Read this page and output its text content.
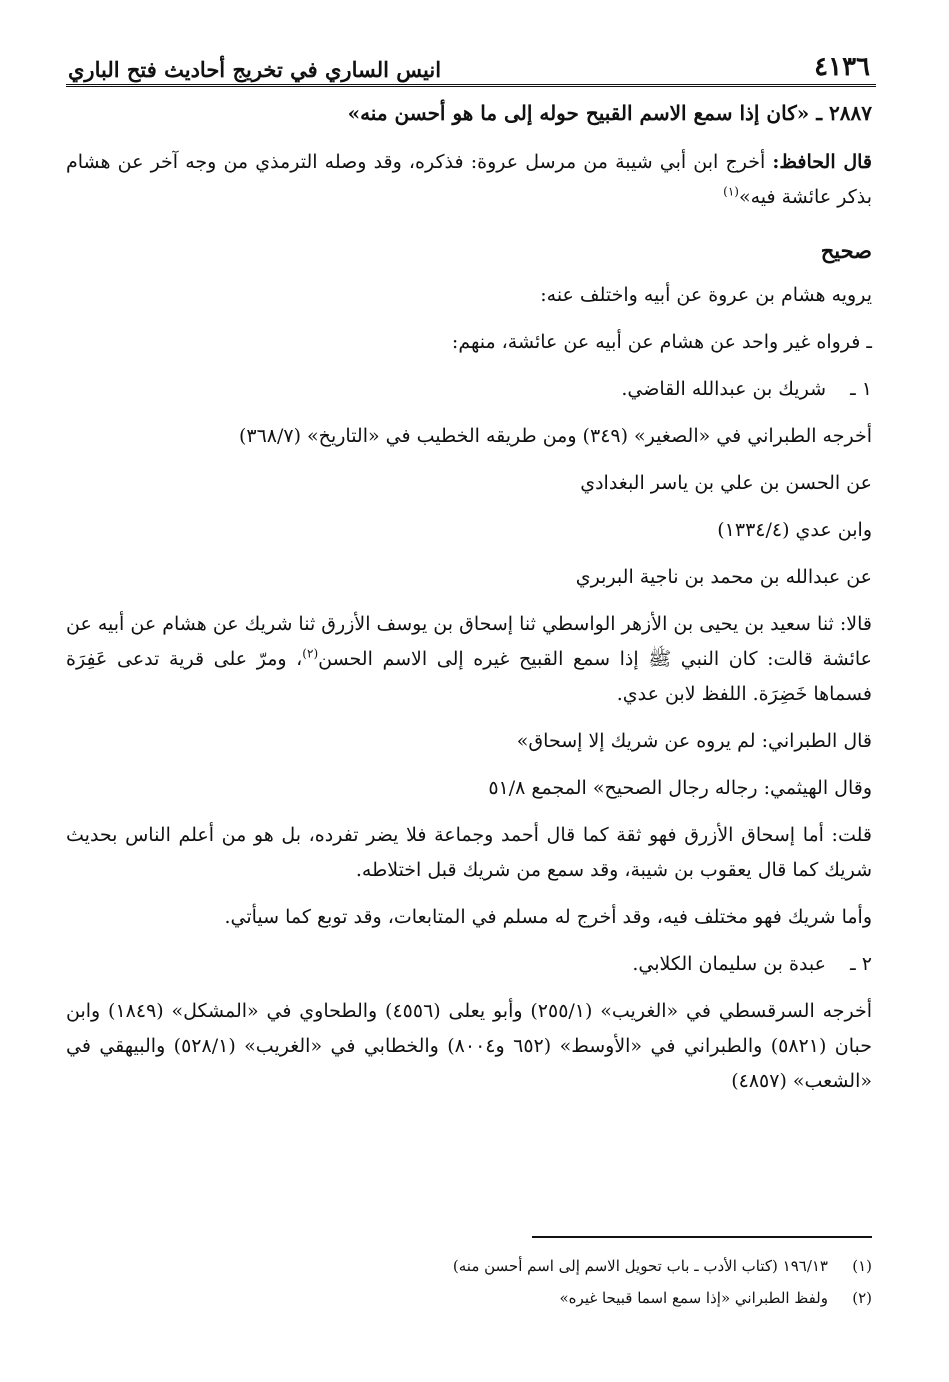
٤١٣٦
انيس الساري في تخريج أحاديث فتح الباري

٢٨٨٧ ـ «كان إذا سمع الاسم القبيح حوله إلى ما هو أحسن منه»

قال الحافظ: أخرج ابن أبي شيبة من مرسل عروة: فذكره، وقد وصله الترمذي من وجه آخر عن هشام بذكر عائشة فيه»$^{(١)}$

صحيح

يرويه هشام بن عروة عن أبيه واختلف عنه:

ـ فرواه غير واحد عن هشام عن أبيه عن عائشة، منهم:

١ ـشريك بن عبدالله القاضي.

أخرجه الطبراني في «الصغير» (٣٤٩) ومن طريقه الخطيب في «التاريخ» (٣٦٨/٧)

عن الحسن بن علي بن ياسر البغدادي

وابن عدي (١٣٣٤/٤)

عن عبدالله بن محمد بن ناجية البربري

قالا: ثنا سعيد بن يحيى بن الأزهر الواسطي ثنا إسحاق بن يوسف الأزرق ثنا شريك عن هشام عن أبيه عن عائشة قالت: كان النبي ﷺ إذا سمع القبيح غيره إلى الاسم الحسن$^{(٢)}$، ومرّ على قرية تدعى عَفِرَة فسماها خَضِرَة. اللفظ لابن عدي.

قال الطبراني: لم يروه عن شريك إلا إسحاق»

وقال الهيثمي: رجاله رجال الصحيح» المجمع ٥١/٨

قلت: أما إسحاق الأزرق فهو ثقة كما قال أحمد وجماعة فلا يضر تفرده، بل هو من أعلم الناس بحديث شريك كما قال يعقوب بن شيبة، وقد سمع من شريك قبل اختلاطه.

وأما شريك فهو مختلف فيه، وقد أخرج له مسلم في المتابعات، وقد توبع كما سيأتي.

٢ ـعبدة بن سليمان الكلابي.

أخرجه السرقسطي في «الغريب» (٢٥٥/١) وأبو يعلى (٤٥٥٦) والطحاوي في «المشكل» (١٨٤٩) وابن حبان (٥٨٢١) والطبراني في «الأوسط» (٦٥٢ و٨٠٠٤) والخطابي في «الغريب» (٥٢٨/١) والبيهقي في «الشعب» (٤٨٥٧)

(١)١٩٦/١٣ (كتاب الأدب ـ باب تحويل الاسم إلى اسم أحسن منه)

(٢)ولفظ الطبراني «إذا سمع اسما قبيحا غيره»
